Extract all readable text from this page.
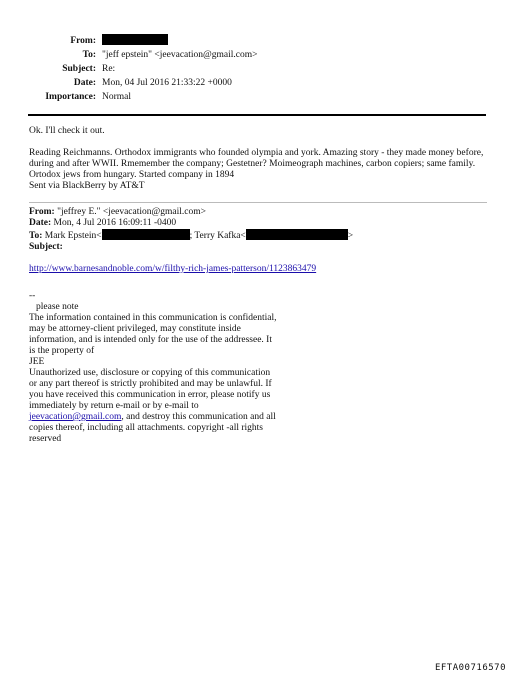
From:
To: "jeff epstein" <jeevacation@gmail.com>
Subject: Re:
Date: Mon, 04 Jul 2016 21:33:22 +0000
Importance: Normal

Ok. I'll check it out.

Reading Reichmanns. Orthodox immigrants who founded olympia and york. Amazing story - they made money before, during and after WWII. Rmemember the company; Gestetner? Moimeograph machines, carbon copiers; same family. Ortodox jews from hungary. Started company in 1894

Sent via BlackBerry by AT&T
From: "jeffrey E." <jeevacation@gmail.com>
Date: Mon, 4 Jul 2016 16:09:11 -0400
To: Mark Epstein<	; Terry Kafka<	>
Subject:
http://www.barnesandnoble.com/w/filthy-rich-james-patterson/1123863479
--
please note
The information contained in this communication is confidential, may be attorney-client privileged, may constitute inside information, and is intended only for the use of the addressee. It is the property of
JEE
Unauthorized use, disclosure or copying of this communication or any part thereof is strictly prohibited and may be unlawful. If you have received this communication in error, please notify us immediately by return e-mail or by e-mail to jeevacation@gmail.com, and destroy this communication and all copies thereof, including all attachments. copyright -all rights reserved
EFTA00716570
